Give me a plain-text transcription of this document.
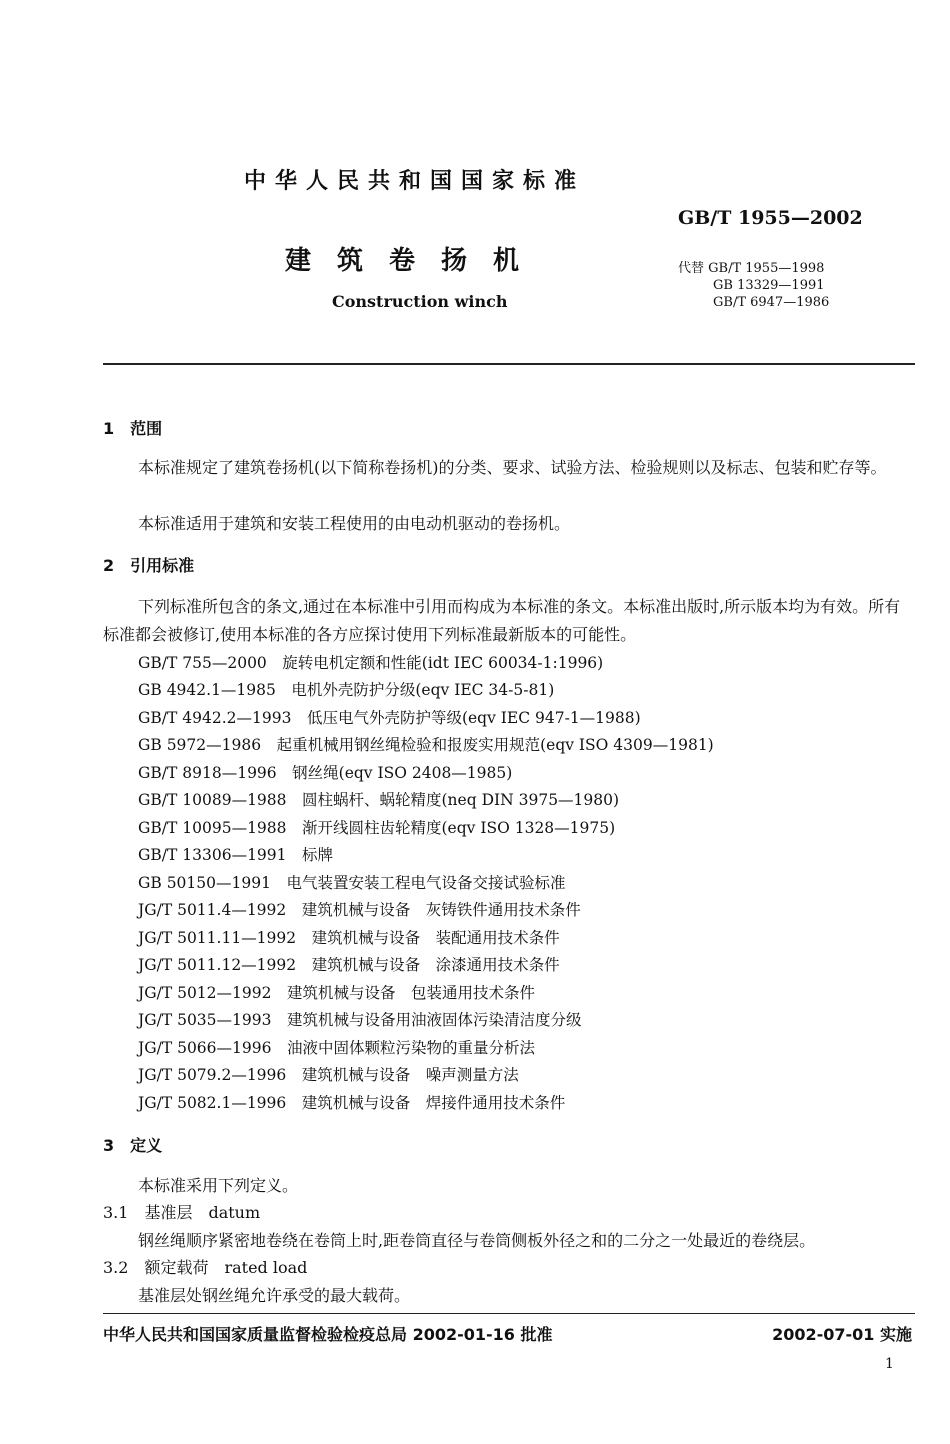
中华人民共和国国家标准
GB/T 1955—2002
建筑卷扬机
Construction winch
代替 GB/T 1955—1998
GB 13329—1991
GB/T 6947—1986
1　范围
本标准规定了建筑卷扬机(以下简称卷扬机)的分类、要求、试验方法、检验规则以及标志、包装和贮存等。
本标准适用于建筑和安装工程使用的由电动机驱动的卷扬机。
2　引用标准
下列标准所包含的条文,通过在本标准中引用而构成为本标准的条文。本标准出版时,所示版本均为有效。所有标准都会被修订,使用本标准的各方应探讨使用下列标准最新版本的可能性。
GB/T 755—2000　旋转电机定额和性能(idt IEC 60034-1:1996)
GB 4942.1—1985　电机外壳防护分级(eqv IEC 34-5-81)
GB/T 4942.2—1993　低压电气外壳防护等级(eqv IEC 947-1—1988)
GB 5972—1986　起重机械用钢丝绳检验和报废实用规范(eqv ISO 4309—1981)
GB/T 8918—1996　钢丝绳(eqv ISO 2408—1985)
GB/T 10089—1988　圆柱蜗杆、蜗轮精度(neq DIN 3975—1980)
GB/T 10095—1988　渐开线圆柱齿轮精度(eqv ISO 1328—1975)
GB/T 13306—1991　标牌
GB 50150—1991　电气装置安装工程电气设备交接试验标准
JG/T 5011.4—1992　建筑机械与设备　灰铸铁件通用技术条件
JG/T 5011.11—1992　建筑机械与设备　装配通用技术条件
JG/T 5011.12—1992　建筑机械与设备　涂漆通用技术条件
JG/T 5012—1992　建筑机械与设备　包装通用技术条件
JG/T 5035—1993　建筑机械与设备用油液固体污染清洁度分级
JG/T 5066—1996　油液中固体颗粒污染物的重量分析法
JG/T 5079.2—1996　建筑机械与设备　噪声测量方法
JG/T 5082.1—1996　建筑机械与设备　焊接件通用技术条件
3　定义
本标准采用下列定义。
3.1　基准层　datum
钢丝绳顺序紧密地卷绕在卷筒上时,距卷筒直径与卷筒侧板外径之和的二分之一处最近的卷绕层。
3.2　额定载荷　rated load
基准层处钢丝绳允许承受的最大载荷。
中华人民共和国国家质量监督检验检疫总局 2002-01-16 批准	2002-07-01 实施
1
